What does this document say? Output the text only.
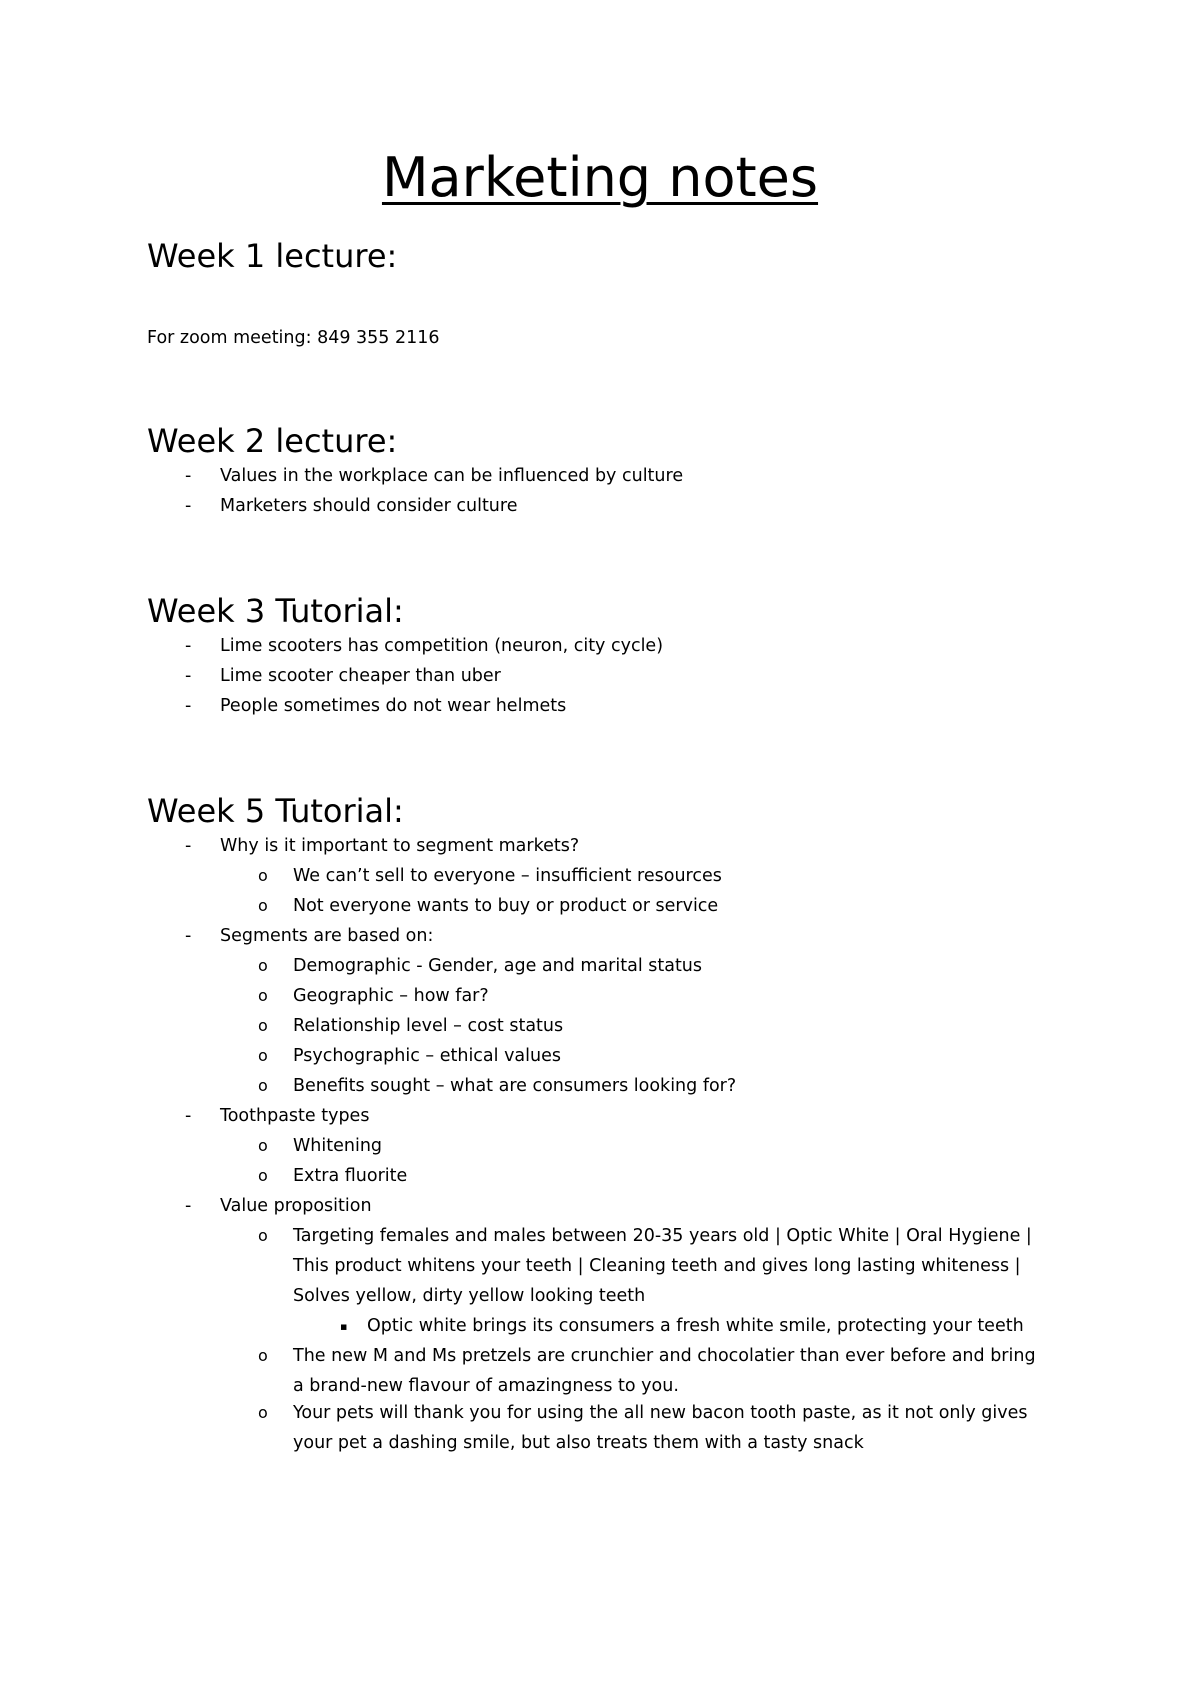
Marketing notes
Week 1 lecture:

For zoom meeting: 849 355 2116

Week 2 lecture:
- Values in the workplace can be influenced by culture
- Marketers should consider culture
Week 3 Tutorial:
- Lime scooters has competition (neuron, city cycle)
- Lime scooter cheaper than uber
- People sometimes do not wear helmets
Week 5 Tutorial:
- Why is it important to segment markets?
o We can’t sell to everyone – insufficient resources
o Not everyone wants to buy or product or service
- Segments are based on:
o Demographic - Gender, age and marital status
o Geographic – how far?
o Relationship level – cost status
o Psychographic – ethical values
o Benefits sought – what are consumers looking for?
- Toothpaste types
o Whitening
o Extra fluorite
- Value proposition
o Targeting females and males between 20-35 years old | Optic White | Oral Hygiene |
This product whitens your teeth | Cleaning teeth and gives long lasting whiteness |
Solves yellow, dirty yellow looking teeth
▪ Optic white brings its consumers a fresh white smile, protecting your teeth
o The new M and Ms pretzels are crunchier and chocolatier than ever before and bring
a brand-new flavour of amazingness to you.
o Your pets will thank you for using the all new bacon tooth paste, as it not only gives
your pet a dashing smile, but also treats them with a tasty snack
